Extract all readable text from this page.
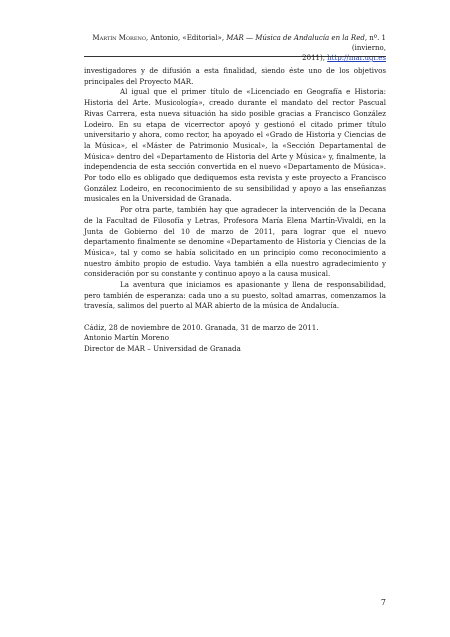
Martín Moreno, Antonio, «Editorial», MAR — Música de Andalucía en la Red, nº. 1 (invierno,
2011), http://mar.ugr.es

investigadores y de difusión a esta finalidad, siendo éste uno de los objetivos principales del Proyecto MAR.

Al igual que el primer título de «Licenciado en Geografía e Historia: Historia del Arte. Musicología», creado durante el mandato del rector Pascual Rivas Carrera, esta nueva situación ha sido posible gracias a Francisco González Lodeiro. En su etapa de vicerrector apoyó y gestionó el citado primer título universitario y ahora, como rector, ha apoyado el «Grado de Historia y Ciencias de la Música», el «Máster de Patrimonio Musical», la «Sección Departamental de Música» dentro del «Departamento de Historia del Arte y Música» y, finalmente, la independencia de esta sección convertida en el nuevo «Departamento de Música». Por todo ello es obligado que dediquemos esta revista y este proyecto a Francisco González Lodeiro, en reconocimiento de su sensibilidad y apoyo a las enseñanzas musicales en la Universidad de Granada.

Por otra parte, también hay que agradecer la intervención de la Decana de la Facultad de Filosofía y Letras, Profesora María Elena Martín-Vivaldi, en la Junta de Gobierno del 10 de marzo de 2011, para lograr que el nuevo departamento finalmente se denomine «Departamento de Historia y Ciencias de la Música», tal y como se había solicitado en un principio como reconocimiento a nuestro ámbito propio de estudio. Vaya también a ella nuestro agradecimiento y consideración por su constante y continuo apoyo a la causa musical.

La aventura que iniciamos es apasionante y llena de responsabilidad, pero también de esperanza: cada uno a su puesto, soltad amarras, comenzamos la travesía, salimos del puerto al MAR abierto de la música de Andalucía.

Cádiz, 28 de noviembre de 2010. Granada, 31 de marzo de 2011.
Antonio Martín Moreno
Director de MAR – Universidad de Granada
7
